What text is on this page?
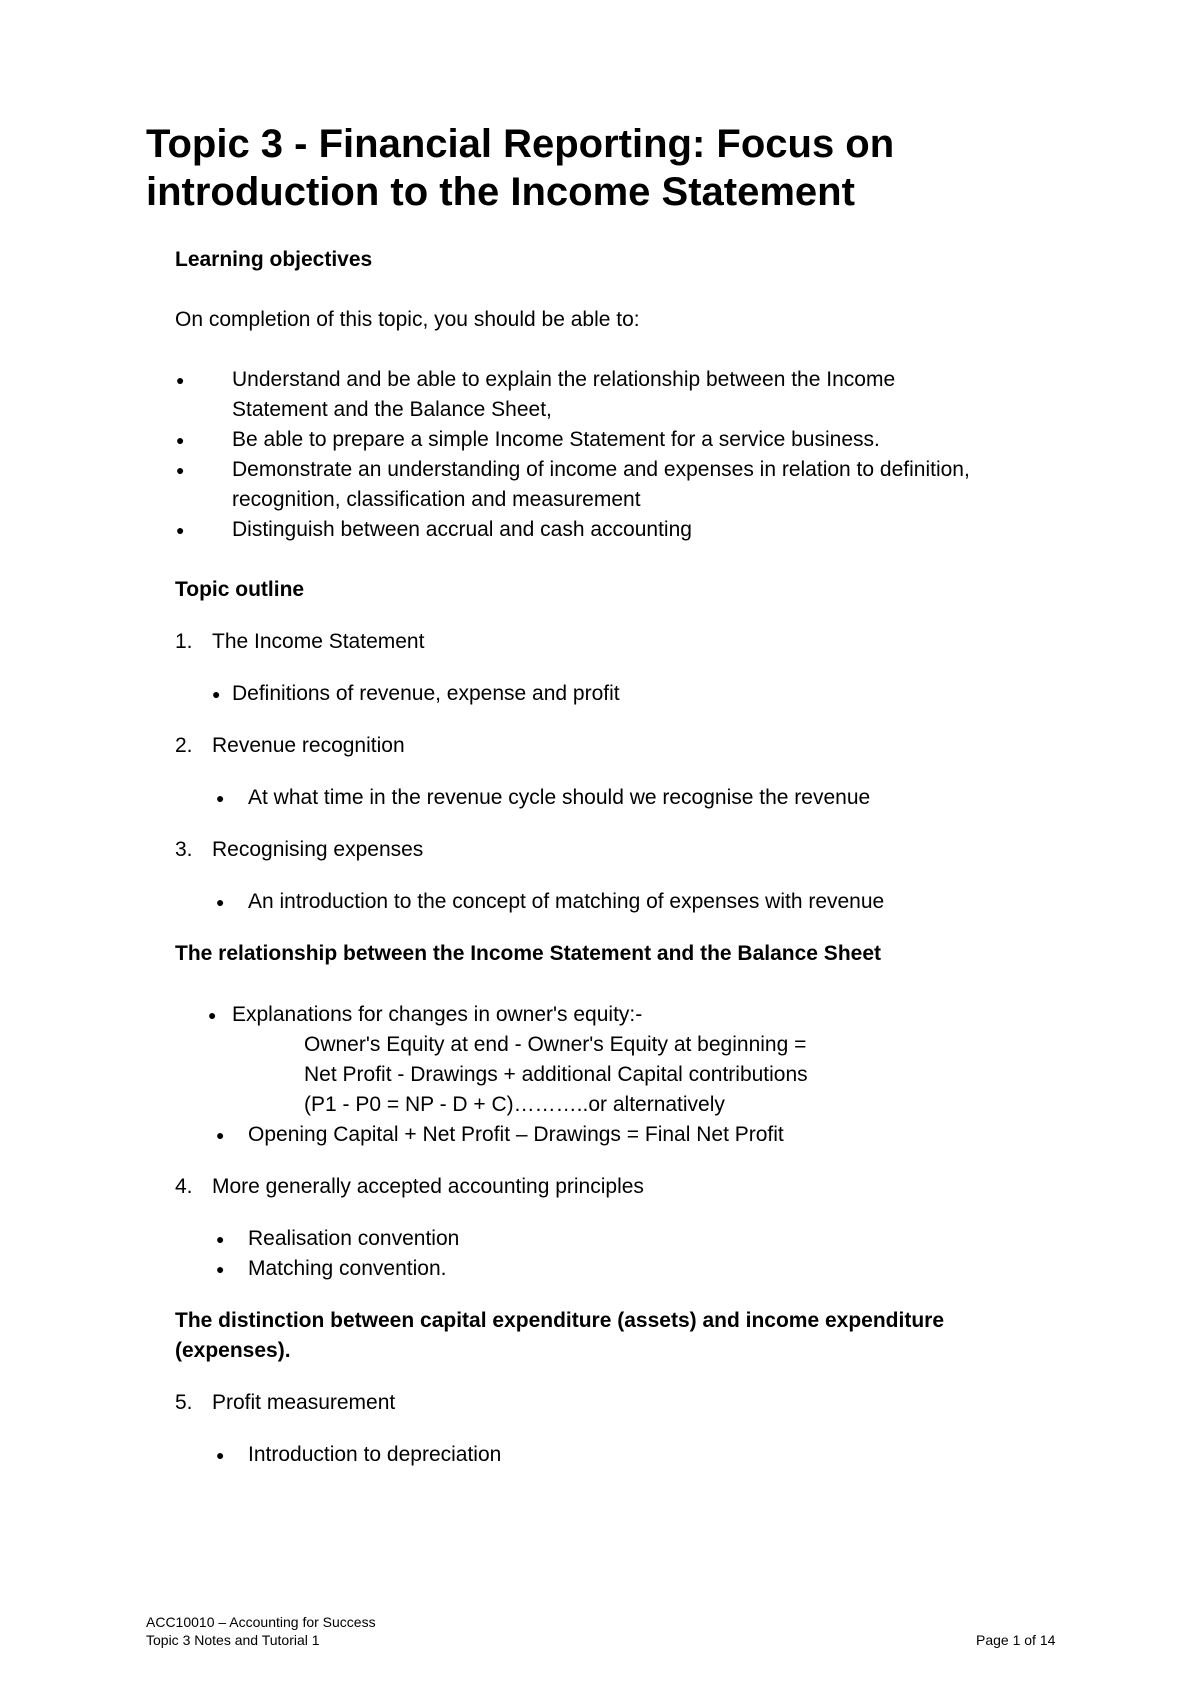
Topic 3 - Financial Reporting: Focus on
introduction to the Income Statement
Learning objectives
On completion of this topic, you should be able to:
● Understand and be able to explain the relationship between the Income
Statement and the Balance Sheet,
● Be able to prepare a simple Income Statement for a service business.
● Demonstrate an understanding of income and expenses in relation to definition,
recognition, classification and measurement
● Distinguish between accrual and cash accounting
Topic outline
1. The Income Statement
● Definitions of revenue, expense and profit
2. Revenue recognition
● At what time in the revenue cycle should we recognise the revenue
3. Recognising expenses
● An introduction to the concept of matching of expenses with revenue
The relationship between the Income Statement and the Balance Sheet
● Explanations for changes in owner's equity:-
Owner's Equity at end - Owner's Equity at beginning =
Net Profit - Drawings + additional Capital contributions
(P1 - P0 = NP - D + C)………..or alternatively
● Opening Capital + Net Profit – Drawings = Final Net Profit
4. More generally accepted accounting principles
● Realisation convention
● Matching convention.
The distinction between capital expenditure (assets) and income expenditure
(expenses).
5. Profit measurement
● Introduction to depreciation
ACC10010 – Accounting for Success
Topic 3 Notes and Tutorial 1	Page 1 of 14
